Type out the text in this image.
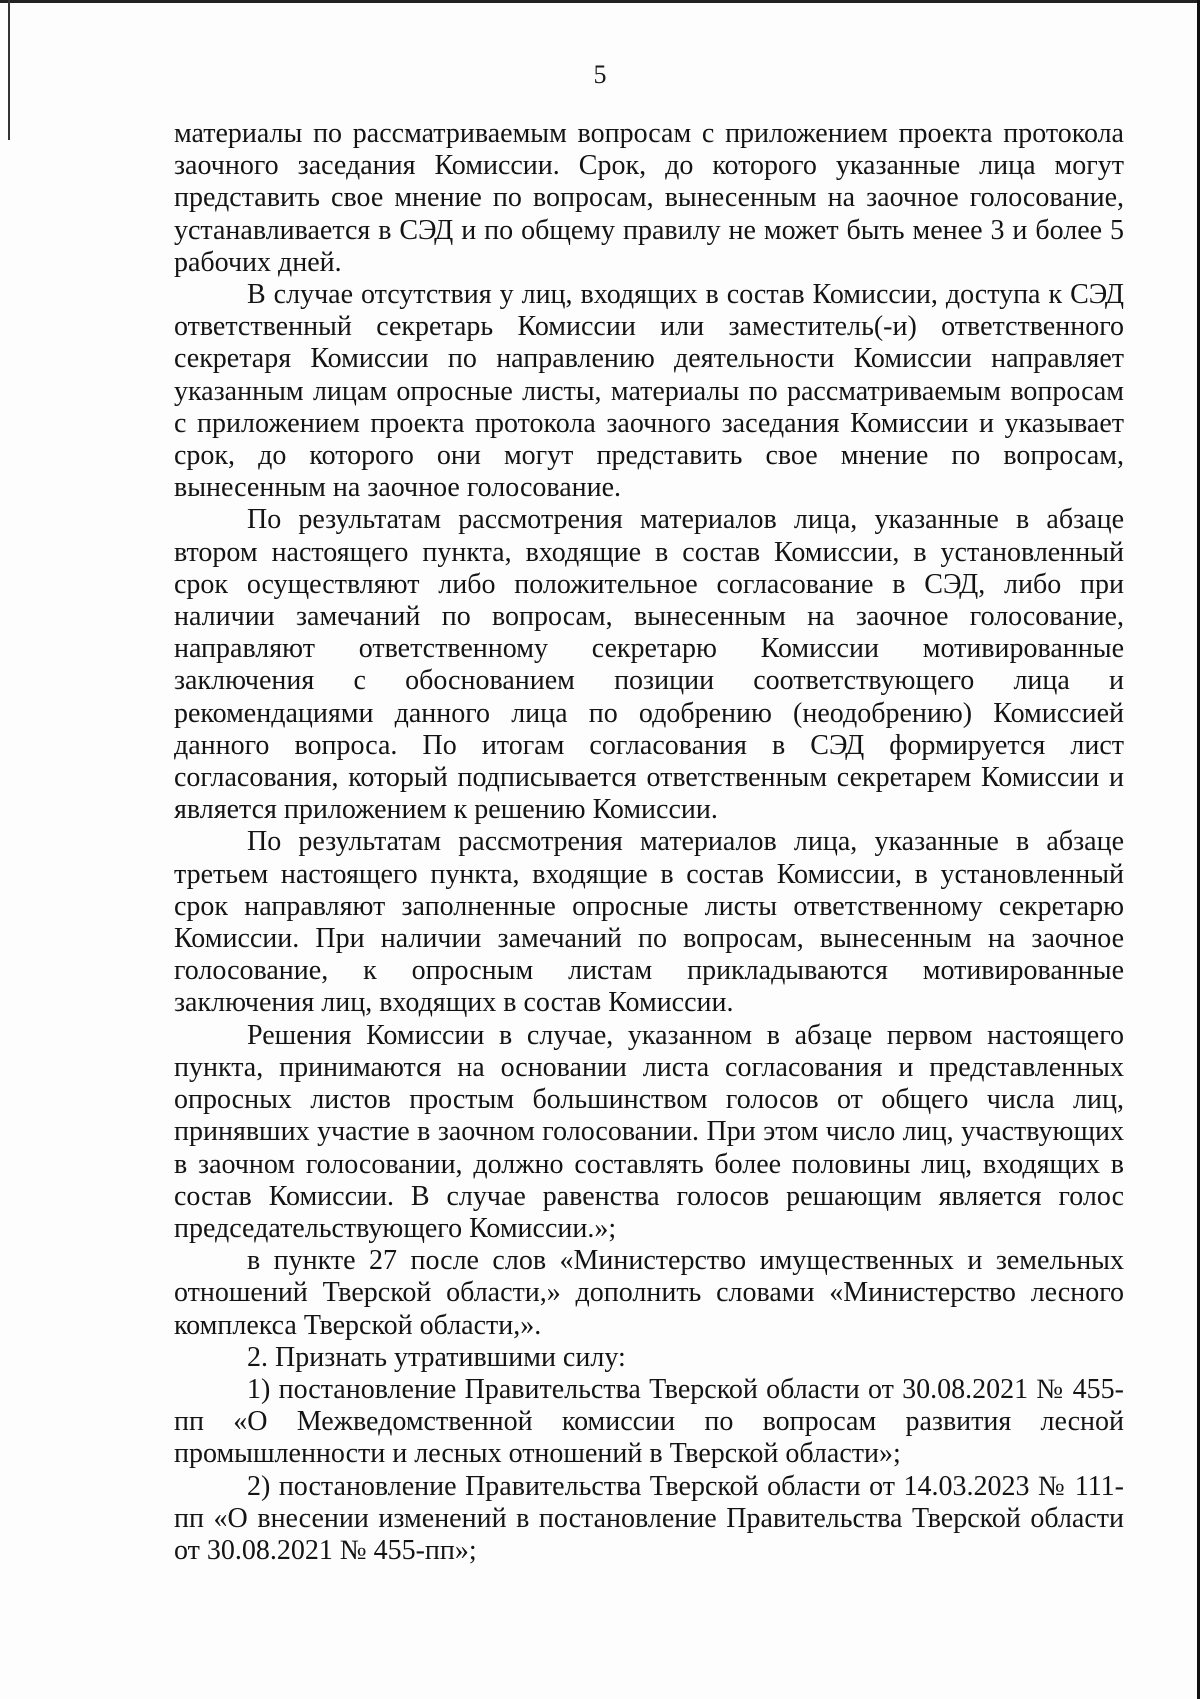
5

материалы по рассматриваемым вопросам с приложением проекта протокола заочного заседания Комиссии. Срок, до которого указанные лица могут представить свое мнение по вопросам, вынесенным на заочное голосование, устанавливается в СЭД и по общему правилу не может быть менее 3 и более 5 рабочих дней.

В случае отсутствия у лиц, входящих в состав Комиссии, доступа к СЭД ответственный секретарь Комиссии или заместитель(-и) ответственного секретаря Комиссии по направлению деятельности Комиссии направляет указанным лицам опросные листы, материалы по рассматриваемым вопросам с приложением проекта протокола заочного заседания Комиссии и указывает срок, до которого они могут представить свое мнение по вопросам, вынесенным на заочное голосование.

По результатам рассмотрения материалов лица, указанные в абзаце втором настоящего пункта, входящие в состав Комиссии, в установленный срок осуществляют либо положительное согласование в СЭД, либо при наличии замечаний по вопросам, вынесенным на заочное голосование, направляют ответственному секретарю Комиссии мотивированные заключения с обоснованием позиции соответствующего лица и рекомендациями данного лица по одобрению (неодобрению) Комиссией данного вопроса. По итогам согласования в СЭД формируется лист согласования, который подписывается ответственным секретарем Комиссии и является приложением к решению Комиссии.

По результатам рассмотрения материалов лица, указанные в абзаце третьем настоящего пункта, входящие в состав Комиссии, в установленный срок направляют заполненные опросные листы ответственному секретарю Комиссии. При наличии замечаний по вопросам, вынесенным на заочное голосование, к опросным листам прикладываются мотивированные заключения лиц, входящих в состав Комиссии.

Решения Комиссии в случае, указанном в абзаце первом настоящего пункта, принимаются на основании листа согласования и представленных опросных листов простым большинством голосов от общего числа лиц, принявших участие в заочном голосовании. При этом число лиц, участвующих в заочном голосовании, должно составлять более половины лиц, входящих в состав Комиссии. В случае равенства голосов решающим является голос председательствующего Комиссии.»;

в пункте 27 после слов «Министерство имущественных и земельных отношений Тверской области,» дополнить словами «Министерство лесного комплекса Тверской области,».

2. Признать утратившими силу:

1) постановление Правительства Тверской области от 30.08.2021 № 455-пп «О Межведомственной комиссии по вопросам развития лесной промышленности и лесных отношений в Тверской области»;

2) постановление Правительства Тверской области от 14.03.2023 № 111-пп «О внесении изменений в постановление Правительства Тверской области от 30.08.2021 № 455-пп»;
